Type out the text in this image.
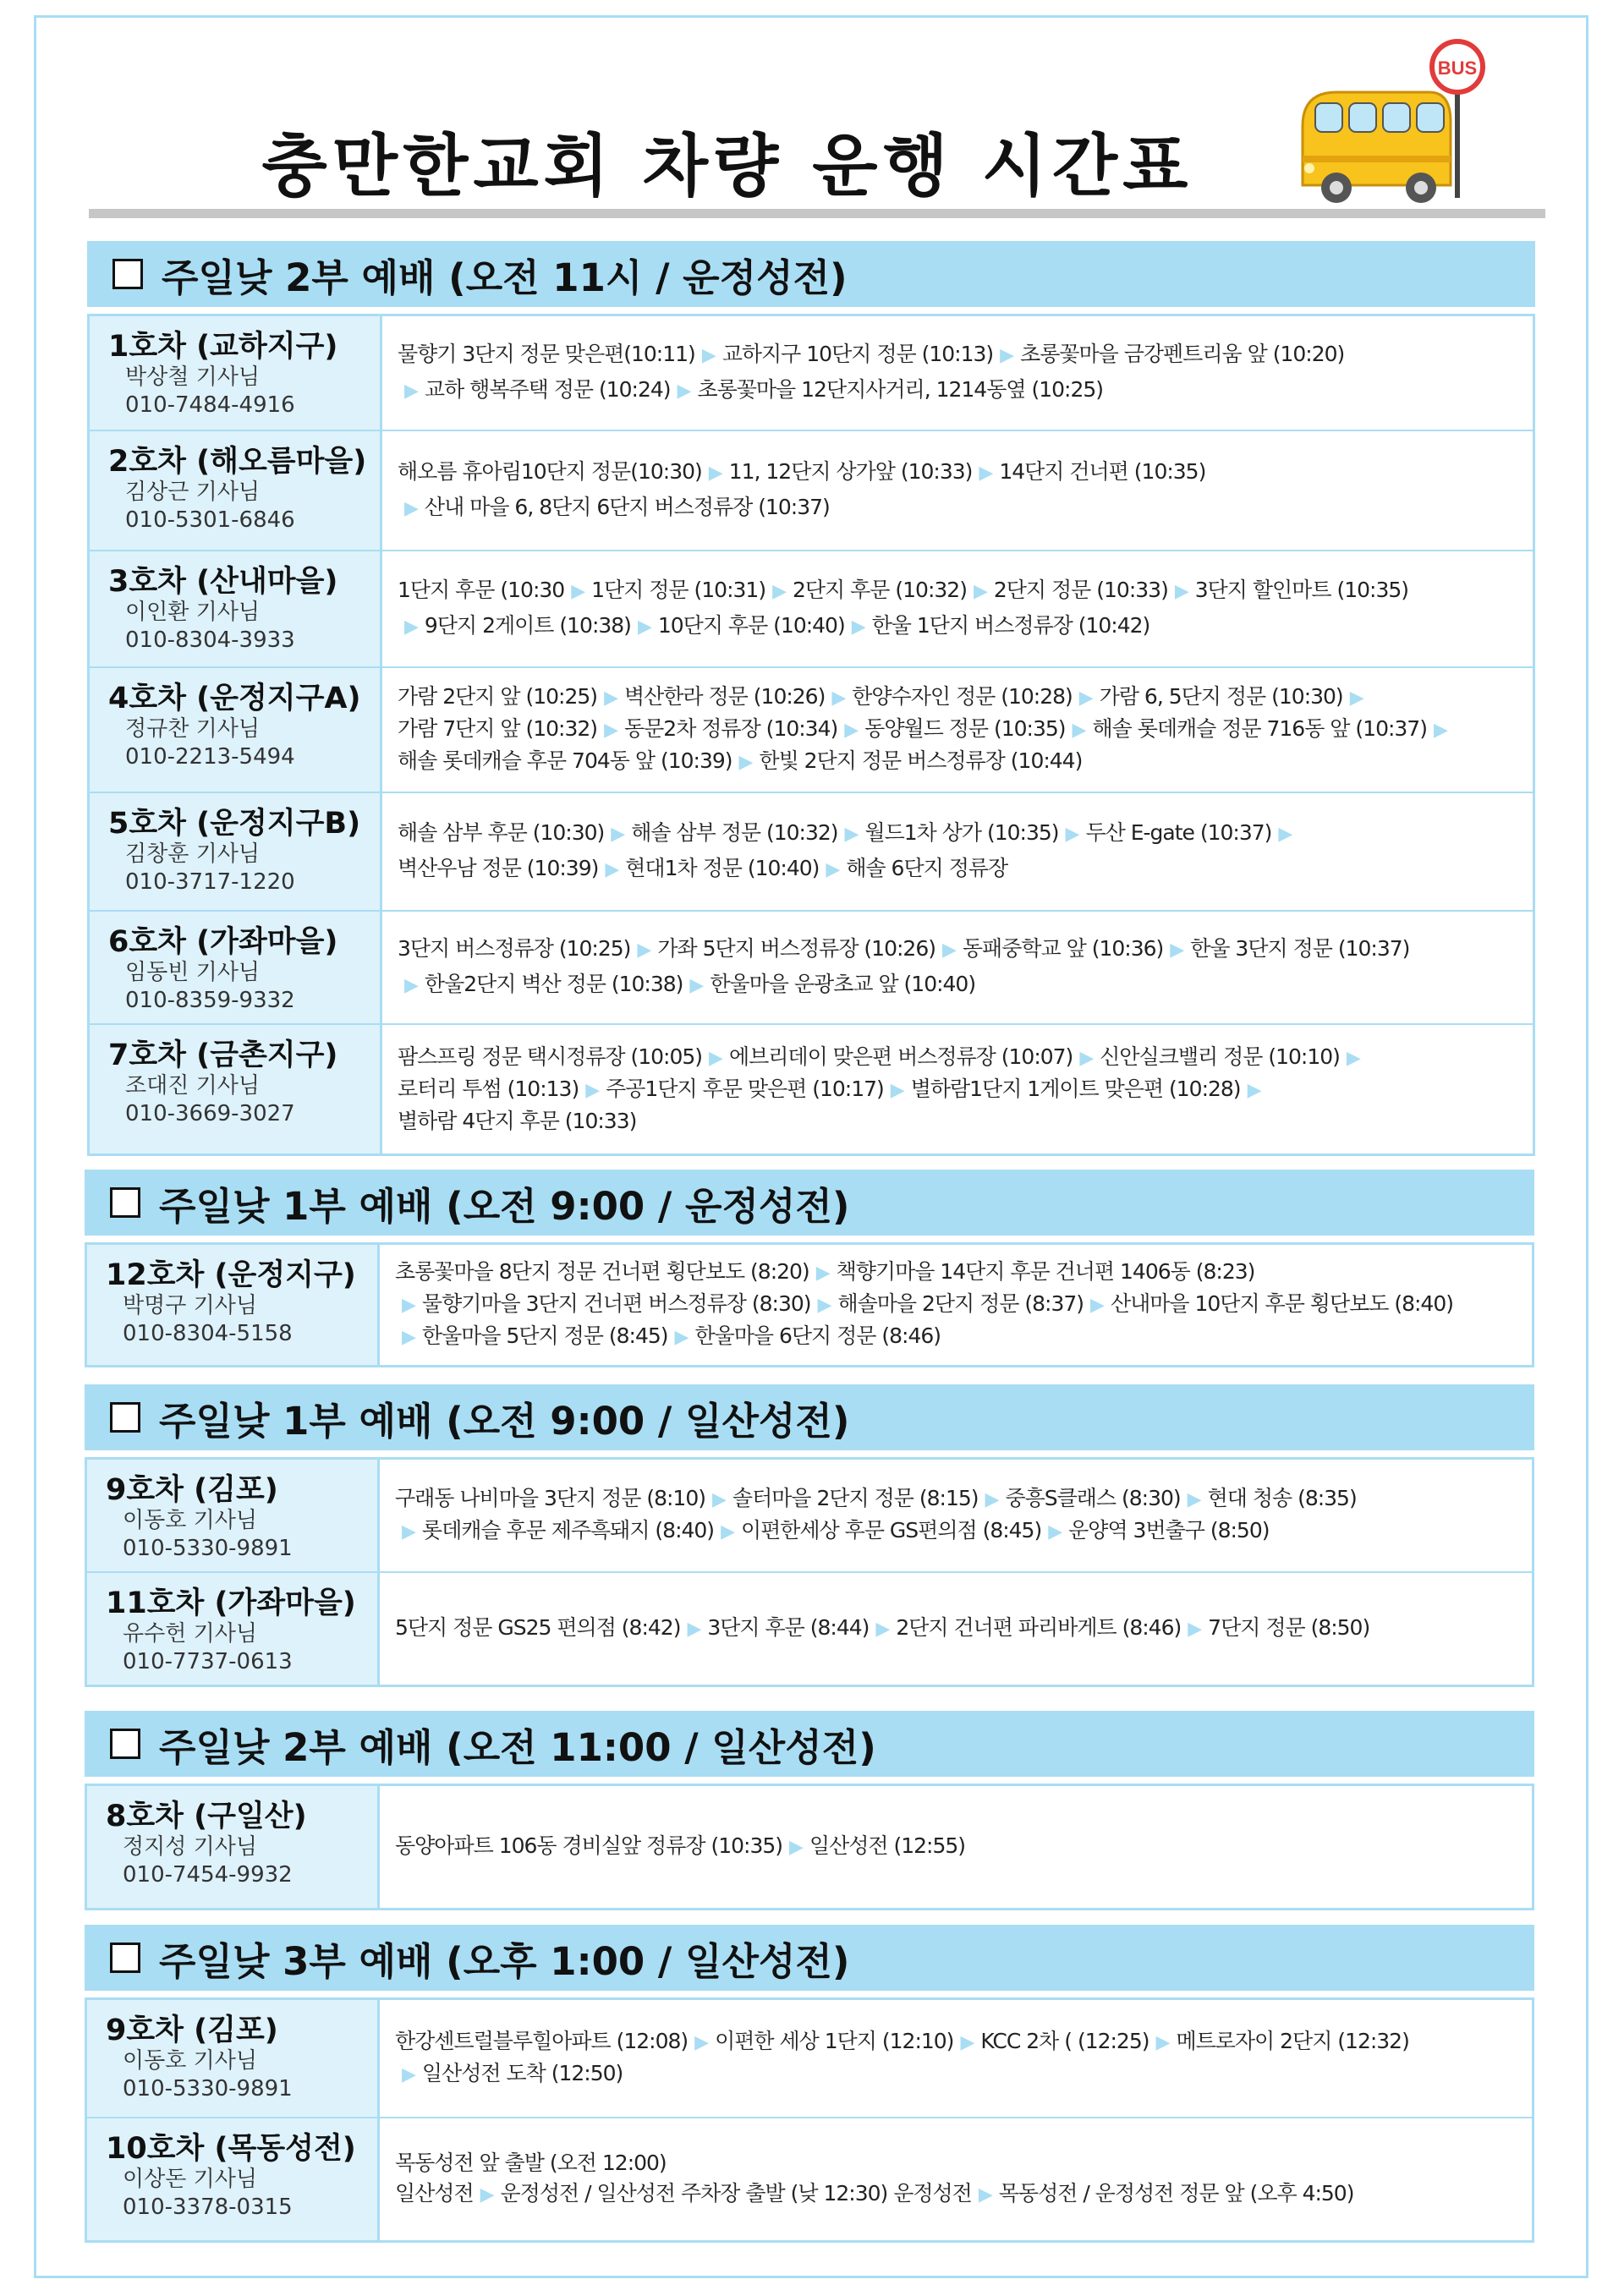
충만한교회 차량 운행 시간표
BUS
주일낮 2부 예배 (오전 11시 / 운정성전)
1호차 (교하지구)
박상철 기사님
010-7484-4916
물향기 3단지 정문 맞은편(10:11) ▶ 교하지구 10단지 정문 (10:13) ▶ 초롱꽃마을 금강펜트리움 앞 (10:20)
▶ 교하 행복주택 정문 (10:24) ▶ 초롱꽃마을 12단지사거리, 1214동옆 (10:25)
2호차 (해오름마을)
김상근 기사님
010-5301-6846
해오름 휴아림10단지 정문(10:30) ▶ 11, 12단지 상가앞 (10:33) ▶ 14단지 건너편 (10:35)
▶ 산내 마을 6, 8단지 6단지 버스정류장 (10:37)
3호차 (산내마을)
이인환 기사님
010-8304-3933
1단지 후문 (10:30 ▶ 1단지 정문 (10:31) ▶ 2단지 후문 (10:32) ▶ 2단지 정문 (10:33) ▶ 3단지 할인마트 (10:35)
▶ 9단지 2게이트 (10:38) ▶ 10단지 후문 (10:40) ▶ 한울 1단지 버스정류장 (10:42)
4호차 (운정지구A)
정규찬 기사님
010-2213-5494
가람 2단지 앞 (10:25) ▶ 벽산한라 정문 (10:26) ▶ 한양수자인 정문 (10:28) ▶ 가람 6, 5단지 정문 (10:30) ▶
가람 7단지 앞 (10:32) ▶ 동문2차 정류장 (10:34) ▶ 동양월드 정문 (10:35) ▶ 해솔 롯데캐슬 정문 716동 앞 (10:37) ▶
해솔 롯데캐슬 후문 704동 앞 (10:39) ▶ 한빛 2단지 정문 버스정류장 (10:44)
5호차 (운정지구B)
김창훈 기사님
010-3717-1220
해솔 삼부 후문 (10:30) ▶ 해솔 삼부 정문 (10:32) ▶ 월드1차 상가 (10:35) ▶ 두산 E-gate (10:37) ▶
벽산우남 정문 (10:39) ▶ 현대1차 정문 (10:40) ▶ 해솔 6단지 정류장
6호차 (가좌마을)
임동빈 기사님
010-8359-9332
3단지 버스정류장 (10:25) ▶ 가좌 5단지 버스정류장 (10:26) ▶ 동패중학교 앞 (10:36) ▶ 한울 3단지 정문 (10:37)
▶ 한울2단지 벽산 정문 (10:38) ▶ 한울마을 운광초교 앞 (10:40)
7호차 (금촌지구)
조대진 기사님
010-3669-3027
팜스프링 정문 택시정류장 (10:05) ▶ 에브리데이 맞은편 버스정류장 (10:07) ▶ 신안실크밸리 정문 (10:10) ▶
로터리 투썸 (10:13) ▶ 주공1단지 후문 맞은편 (10:17) ▶ 별하람1단지 1게이트 맞은편 (10:28) ▶
별하람 4단지 후문 (10:33)
주일낮 1부 예배 (오전 9:00 / 운정성전)
12호차 (운정지구)
박명구 기사님
010-8304-5158
초롱꽃마을 8단지 정문 건너편 횡단보도 (8:20) ▶ 책향기마을 14단지 후문 건너편 1406동 (8:23)
▶ 물향기마을 3단지 건너편 버스정류장 (8:30) ▶ 해솔마을 2단지 정문 (8:37) ▶ 산내마을 10단지 후문 횡단보도 (8:40)
▶ 한울마을 5단지 정문 (8:45) ▶ 한울마을 6단지 정문 (8:46)
주일낮 1부 예배 (오전 9:00 / 일산성전)
9호차 (김포)
이동호 기사님
010-5330-9891
구래동 나비마을 3단지 정문 (8:10) ▶ 솔터마을 2단지 정문 (8:15) ▶ 중흥S클래스 (8:30) ▶ 현대 청송 (8:35)
▶ 롯데캐슬 후문 제주흑돼지 (8:40) ▶ 이편한세상 후문 GS편의점 (8:45) ▶ 운양역 3번출구 (8:50)
11호차 (가좌마을)
유수헌 기사님
010-7737-0613
5단지 정문 GS25 편의점 (8:42) ▶ 3단지 후문 (8:44) ▶ 2단지 건너편 파리바게트 (8:46) ▶ 7단지 정문 (8:50)
주일낮 2부 예배 (오전 11:00 / 일산성전)
8호차 (구일산)
정지성 기사님
010-7454-9932
동양아파트 106동 경비실앞 정류장 (10:35) ▶ 일산성전 (12:55)
주일낮 3부 예배 (오후 1:00 / 일산성전)
9호차 (김포)
이동호 기사님
010-5330-9891
한강센트럴블루힐아파트 (12:08) ▶ 이편한 세상 1단지 (12:10) ▶ KCC 2차 ( (12:25) ▶ 메트로자이 2단지 (12:32)
▶ 일산성전 도착 (12:50)
10호차 (목동성전)
이상돈 기사님
010-3378-0315
목동성전 앞 출발 (오전 12:00)
일산성전 ▶ 운정성전 / 일산성전 주차장 출발 (낮 12:30) 운정성전 ▶ 목동성전 / 운정성전 정문 앞 (오후 4:50)
